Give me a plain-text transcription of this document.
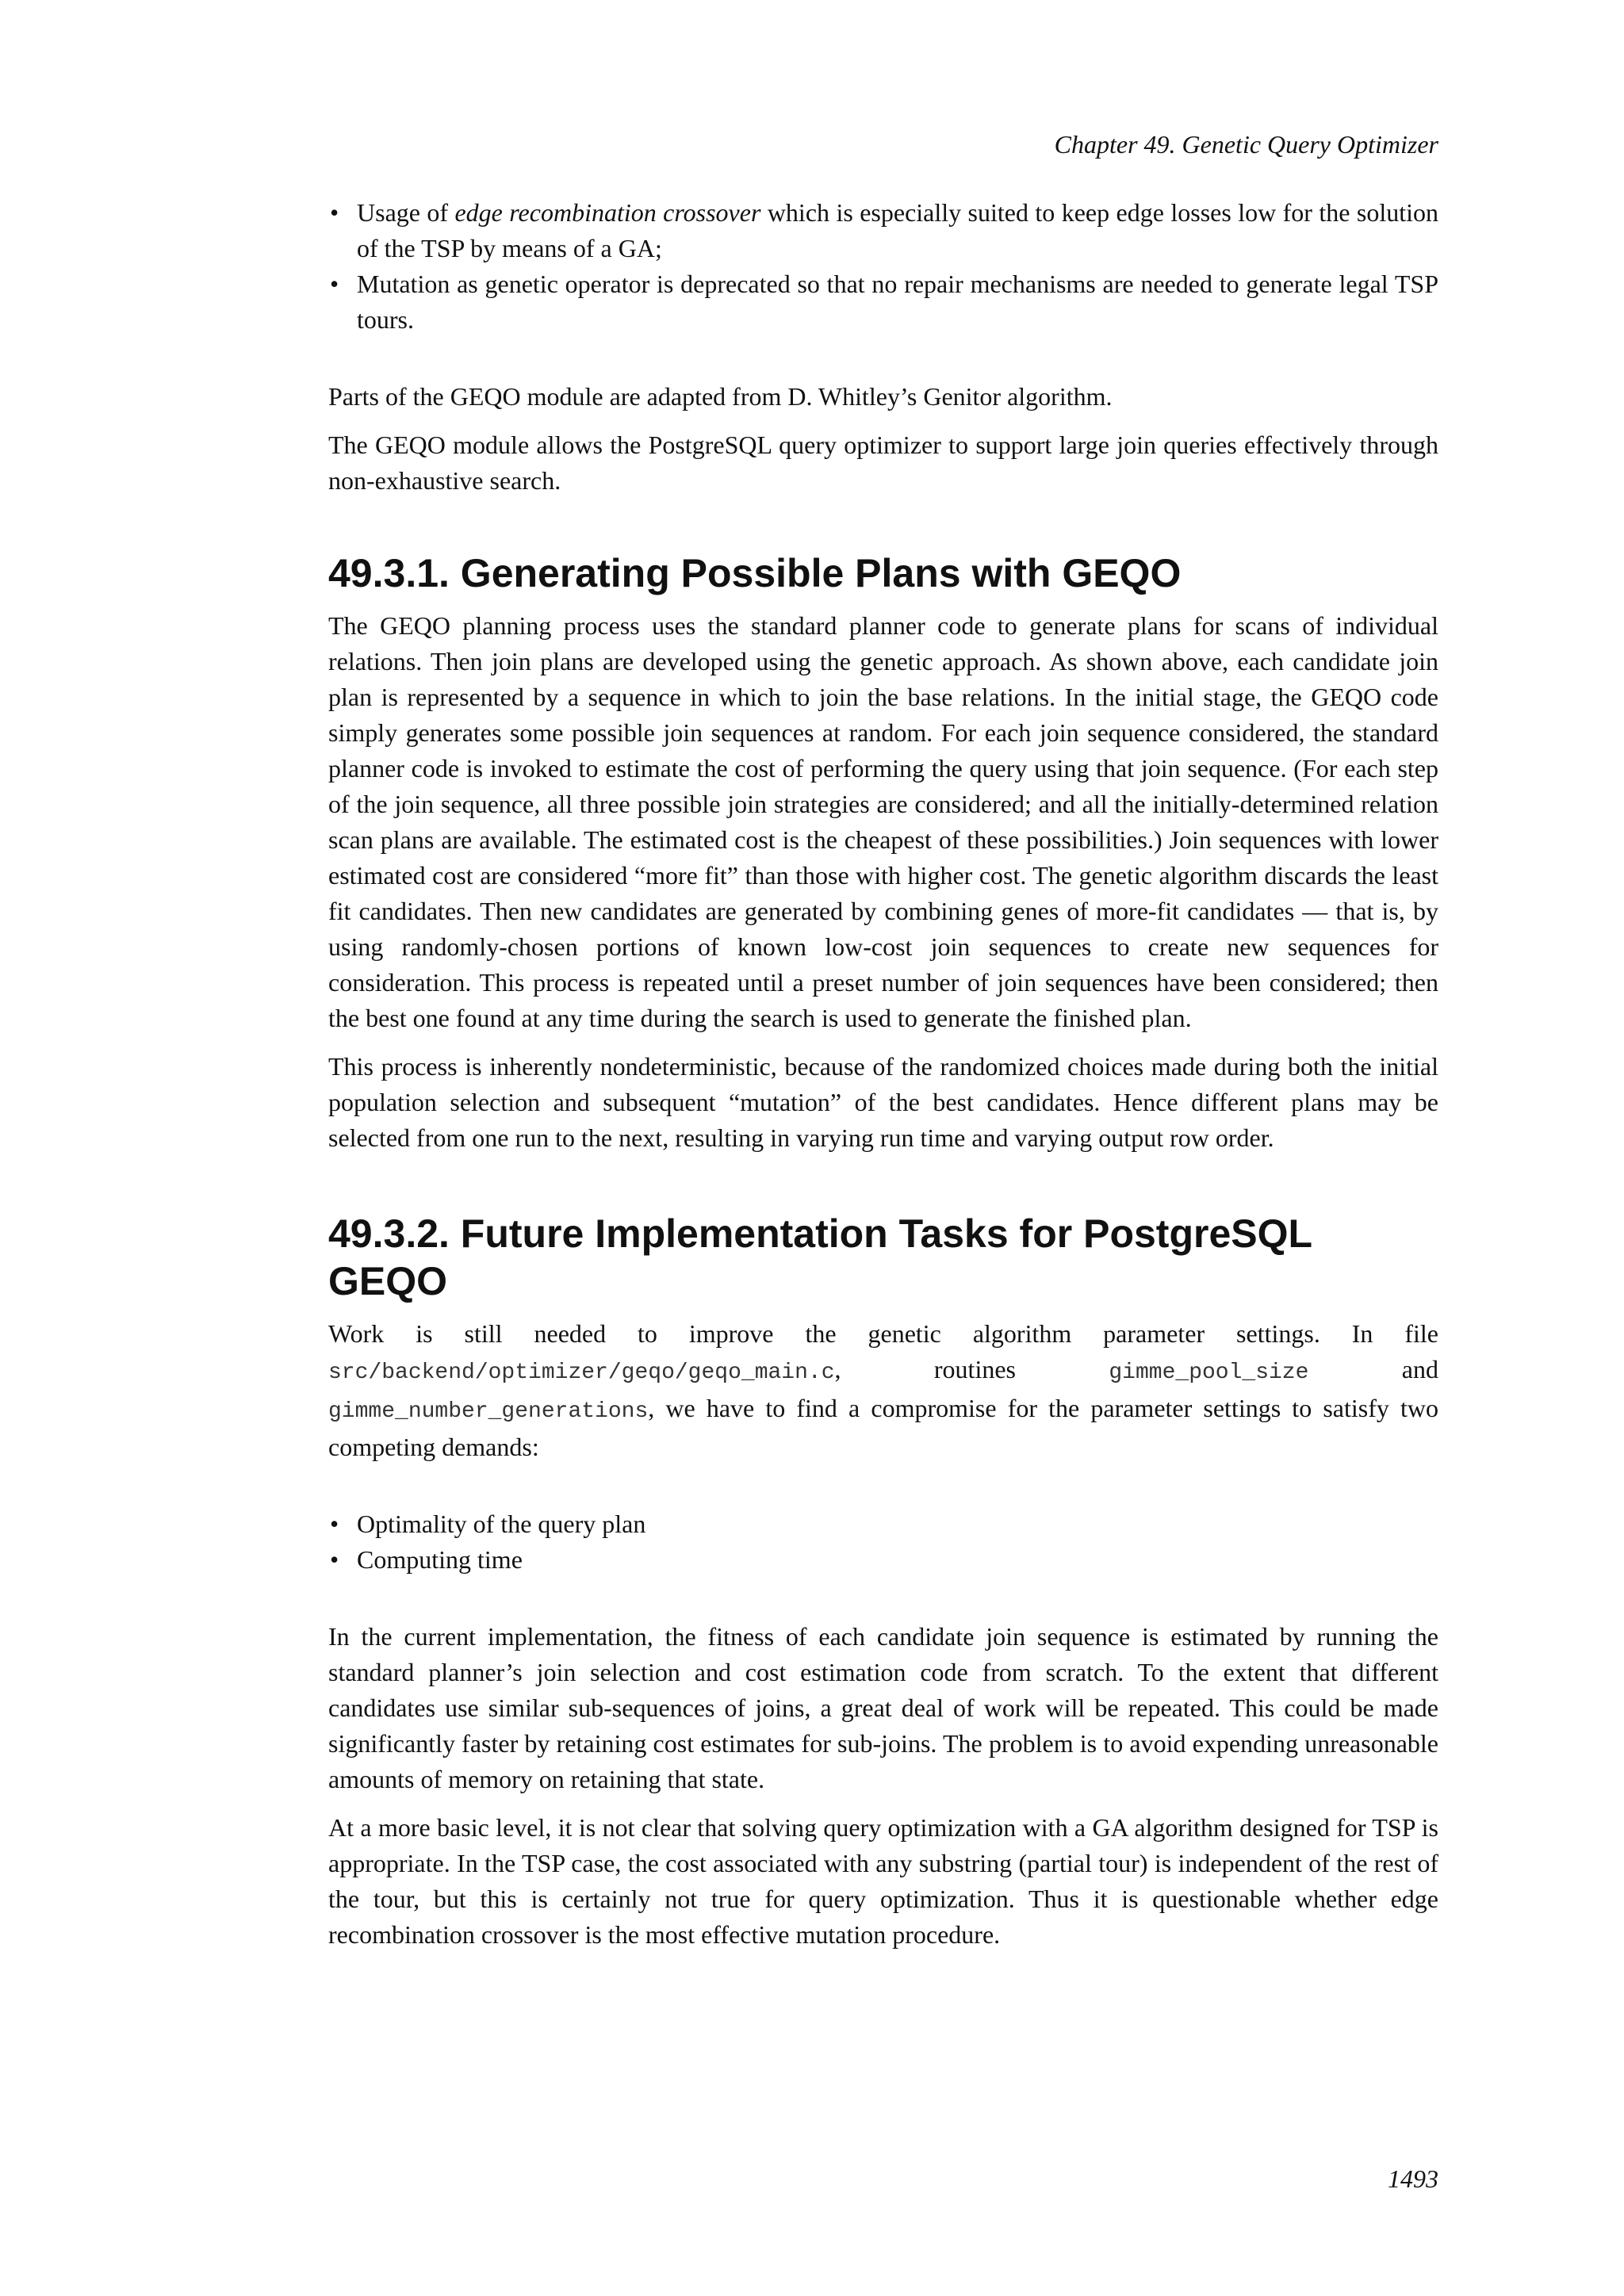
Chapter 49. Genetic Query Optimizer
• Usage of edge recombination crossover which is especially suited to keep edge losses low for the solution of the TSP by means of a GA;
• Mutation as genetic operator is deprecated so that no repair mechanisms are needed to generate legal TSP tours.

Parts of the GEQO module are adapted from D. Whitley’s Genitor algorithm.

The GEQO module allows the PostgreSQL query optimizer to support large join queries effectively through non-exhaustive search.

49.3.1. Generating Possible Plans with GEQO

The GEQO planning process uses the standard planner code to generate plans for scans of individual relations. Then join plans are developed using the genetic approach. As shown above, each candidate join plan is represented by a sequence in which to join the base relations. In the initial stage, the GEQO code simply generates some possible join sequences at random. For each join sequence considered, the standard planner code is invoked to estimate the cost of performing the query using that join sequence. (For each step of the join sequence, all three possible join strategies are considered; and all the initially-determined relation scan plans are available. The estimated cost is the cheapest of these possibilities.) Join sequences with lower estimated cost are considered “more fit” than those with higher cost. The genetic algorithm discards the least fit candidates. Then new candidates are generated by combining genes of more-fit candidates — that is, by using randomly-chosen portions of known low-cost join sequences to create new sequences for consideration. This process is repeated until a preset number of join sequences have been considered; then the best one found at any time during the search is used to generate the finished plan.

This process is inherently nondeterministic, because of the randomized choices made during both the initial population selection and subsequent “mutation” of the best candidates. Hence different plans may be selected from one run to the next, resulting in varying run time and varying output row order.

49.3.2. Future Implementation Tasks for PostgreSQL GEQO

Work is still needed to improve the genetic algorithm parameter settings. In file src/backend/optimizer/geqo/geqo_main.c, routines gimme_pool_size and gimme_number_generations, we have to find a compromise for the parameter settings to satisfy two competing demands:

• Optimality of the query plan
• Computing time

In the current implementation, the fitness of each candidate join sequence is estimated by running the standard planner’s join selection and cost estimation code from scratch. To the extent that different candidates use similar sub-sequences of joins, a great deal of work will be repeated. This could be made significantly faster by retaining cost estimates for sub-joins. The problem is to avoid expending unreasonable amounts of memory on retaining that state.

At a more basic level, it is not clear that solving query optimization with a GA algorithm designed for TSP is appropriate. In the TSP case, the cost associated with any substring (partial tour) is independent of the rest of the tour, but this is certainly not true for query optimization. Thus it is questionable whether edge recombination crossover is the most effective mutation procedure.

1493
